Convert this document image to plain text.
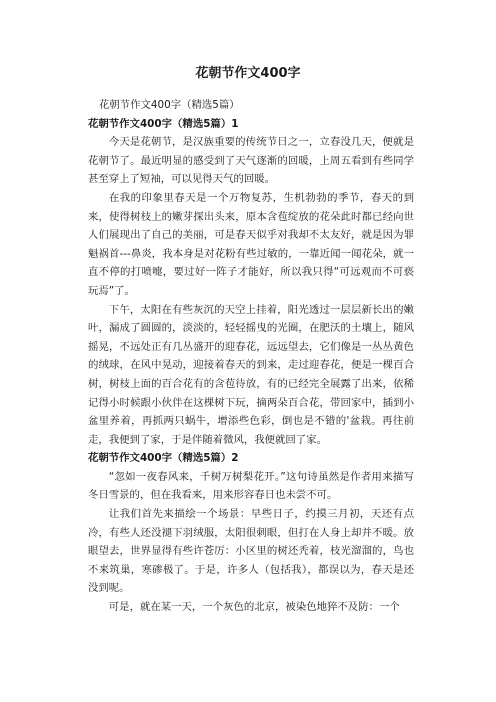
花朝节作文400字

花朝节作文400字（精选5篇）

花朝节作文400字（精选5篇）1

今天是花朝节，是汉族重要的传统节日之一，立春没几天，便就是花朝节了。最近明显的感受到了天气逐渐的回暖，上周五看到有些同学甚至穿上了短袖，可以见得天气的回暖。

在我的印象里春天是一个万物复苏，生机勃勃的季节，春天的到来，使得树枝上的嫩芽探出头来，原本含苞绽放的花朵此时都已经向世人们展现出了自己的美丽，可是春天似乎对我却不太友好，就是因为罪魁祸首---鼻炎，我本身是对花粉有些过敏的，一靠近闻一闻花朵，就一直不停的打喷嚏，要过好一阵子才能好，所以我只得“可远观而不可亵玩焉”了。

下午，太阳在有些灰沉的天空上挂着，阳光透过一层层新长出的嫩叶，漏成了圆圆的，淡淡的，轻轻摇曳的光圈，在肥沃的土壤上，随风摇晃，不远处正有几丛盛开的迎春花，远远望去，它们像是一丛丛黄色的绒球，在风中晃动，迎接着春天的到来，走过迎春花，便是一棵百合树，树枝上面的百合花有的含苞待放，有的已经完全展露了出来，依稀记得小时候跟小伙伴在这棵树下玩，摘两朵百合花，带回家中，插到小盆里养着，再抓两只蜗牛，增添些色彩，倒也是不错的'盆栽。再往前走，我便到了家，于是伴随着微风，我便就回了家。

花朝节作文400字（精选5篇）2

“忽如一夜春风来，千树万树梨花开。”这句诗虽然是作者用来描写冬日雪景的，但在我看来，用来形容春日也未尝不可。

让我们首先来描绘一个场景：早些日子，约摸三月初，天还有点冷，有些人还没褪下羽绒服，太阳很刺眼，但打在人身上却并不暖。放眼望去，世界显得有些许苍厉：小区里的树还秃着，枝光溜溜的，鸟也不来筑巢，寒碜极了。于是，许多人（包括我），都误以为，春天是还没到呢。

可是，就在某一天，一个灰色的北京，被染色地猝不及防：一个
